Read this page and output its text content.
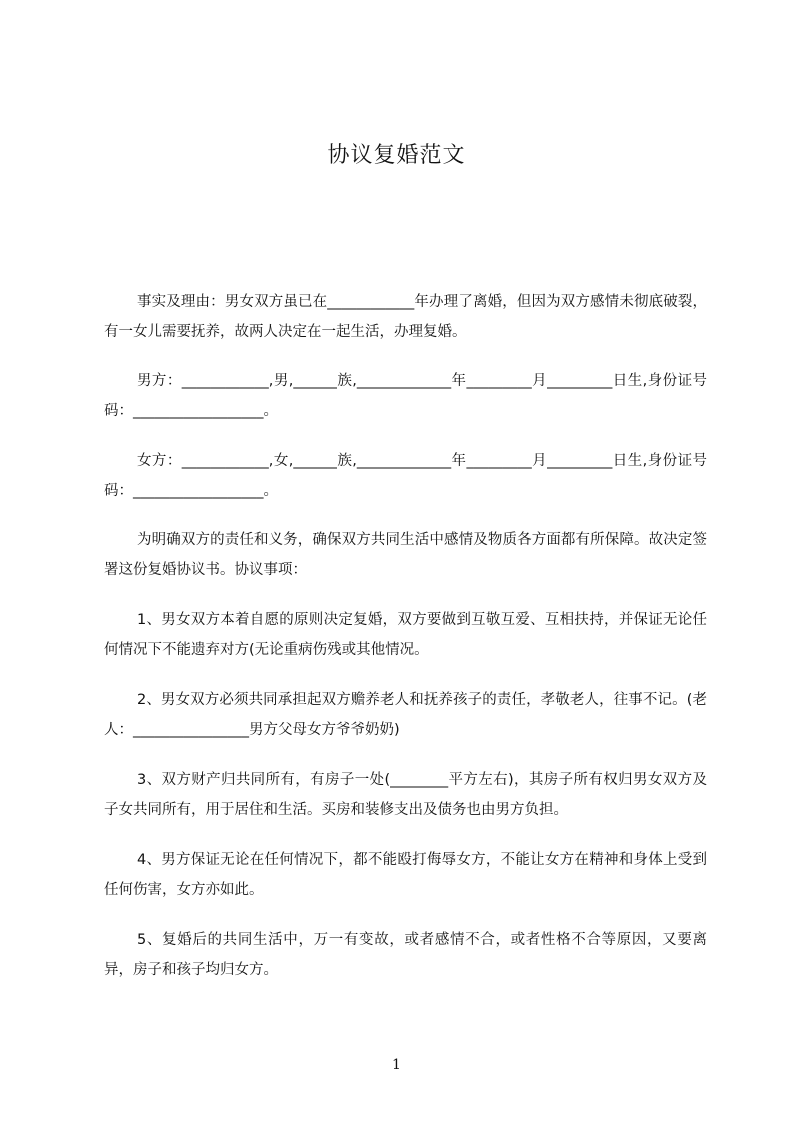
协议复婚范文
事实及理由：男女双方虽已在____________年办理了离婚，但因为双方感情未彻底破裂，有一女儿需要抚养，故两人决定在一起生活，办理复婚。
男方：____________,男,______族,_____________年_________月_________日生,身份证号码：__________________。
女方：____________,女,______族,_____________年_________月_________日生,身份证号码：__________________。
为明确双方的责任和义务，确保双方共同生活中感情及物质各方面都有所保障。故决定签署这份复婚协议书。协议事项：
1、男女双方本着自愿的原则决定复婚，双方要做到互敬互爱、互相扶持，并保证无论任何情况下不能遗弃对方(无论重病伤残或其他情况。
2、男女双方必须共同承担起双方赡养老人和抚养孩子的责任，孝敬老人，往事不记。(老人：________________男方父母女方爷爷奶奶)
3、双方财产归共同所有，有房子一处(________平方左右)，其房子所有权归男女双方及子女共同所有，用于居住和生活。买房和装修支出及债务也由男方负担。
4、男方保证无论在任何情况下，都不能殴打侮辱女方，不能让女方在精神和身体上受到任何伤害，女方亦如此。
5、复婚后的共同生活中，万一有变故，或者感情不合，或者性格不合等原因，又要离异，房子和孩子均归女方。
1
